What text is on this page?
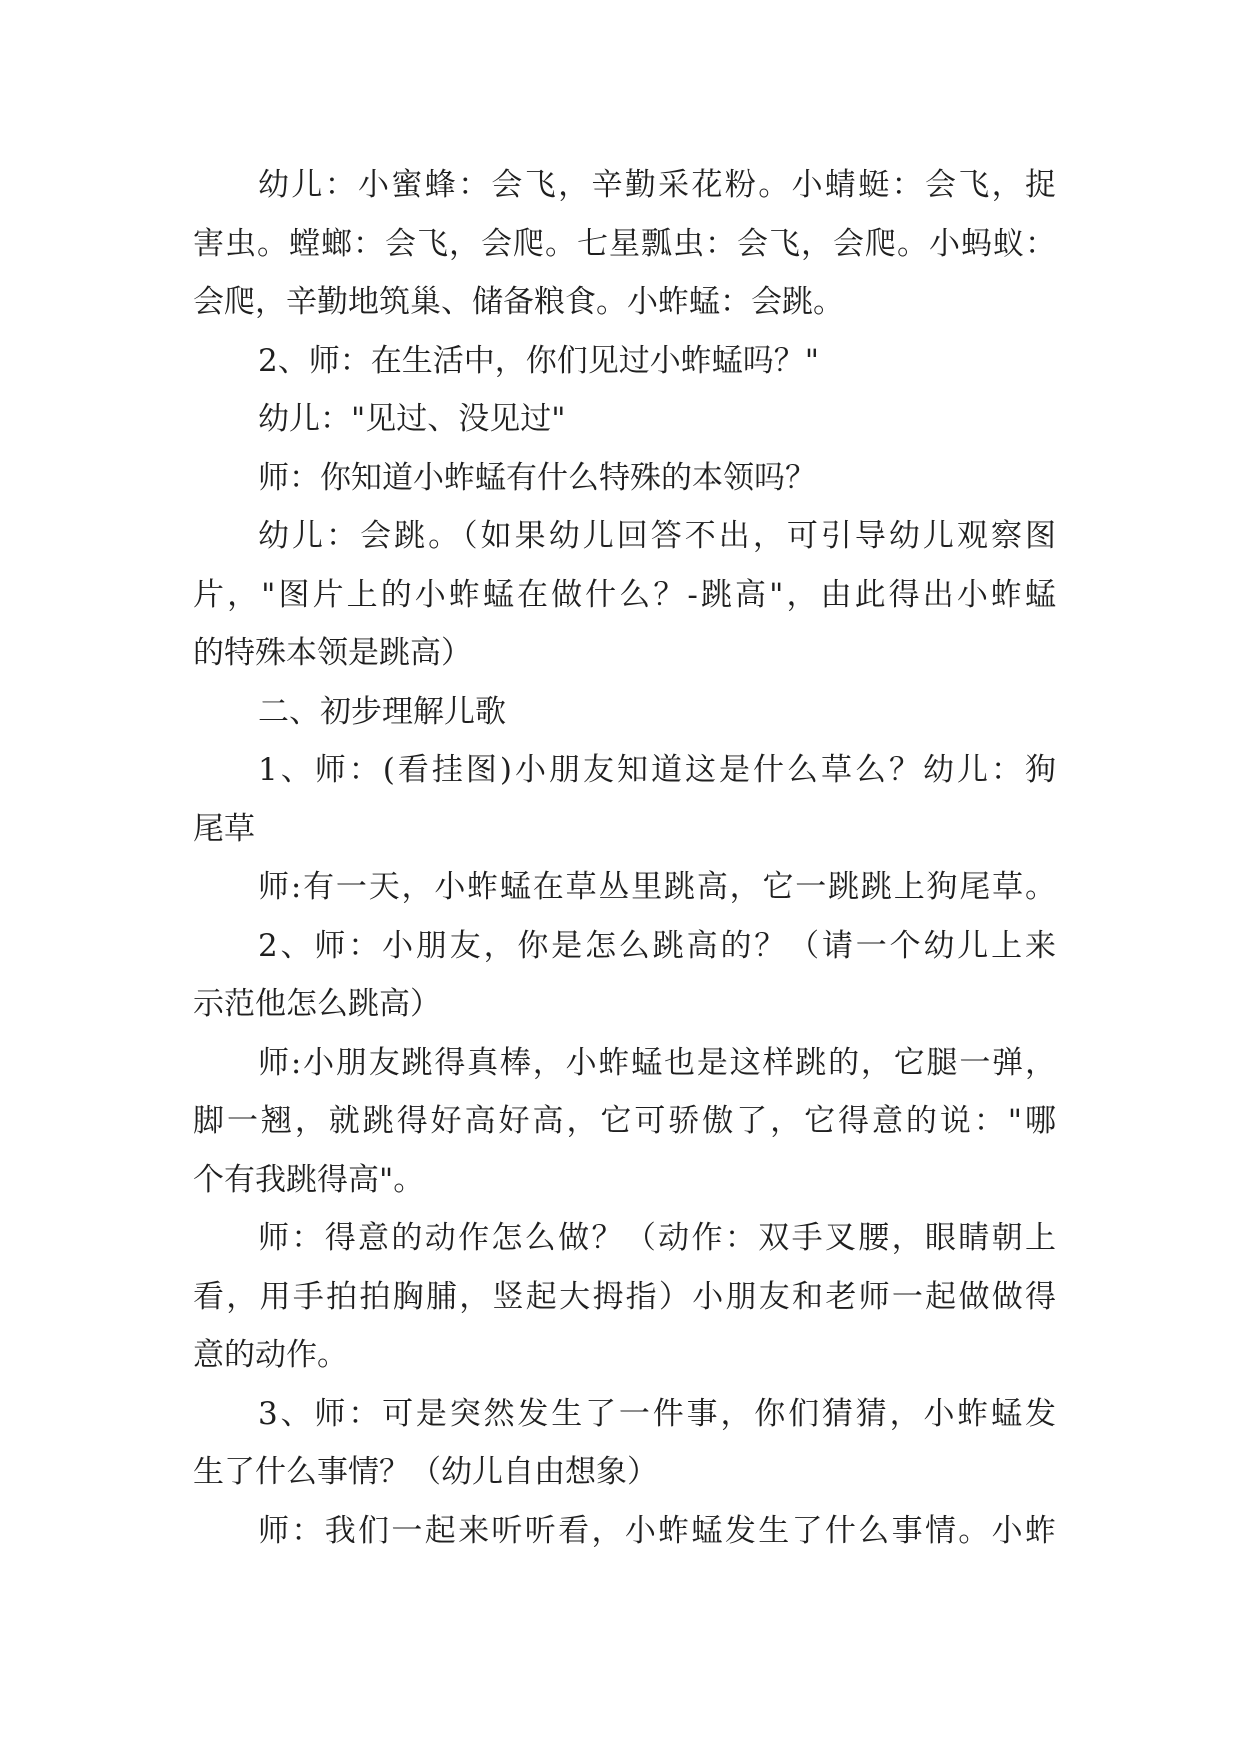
幼儿：小蜜蜂：会飞，辛勤采花粉。小蜻蜓：会飞，捉

害虫。螳螂：会飞，会爬。七星瓢虫：会飞，会爬。小蚂蚁：

会爬，辛勤地筑巢、储备粮食。小蚱蜢：会跳。

2、师：在生活中，你们见过小蚱蜢吗？"

幼儿："见过、没见过"

师：你知道小蚱蜢有什么特殊的本领吗？

幼儿：会跳。（如果幼儿回答不出，可引导幼儿观察图

片，"图片上的小蚱蜢在做什么？-跳高"，由此得出小蚱蜢

的特殊本领是跳高）

二、初步理解儿歌

1、师：(看挂图)小朋友知道这是什么草么？幼儿：狗

尾草

师:有一天，小蚱蜢在草丛里跳高，它一跳跳上狗尾草。

2、师：小朋友，你是怎么跳高的？（请一个幼儿上来

示范他怎么跳高）

师:小朋友跳得真棒，小蚱蜢也是这样跳的，它腿一弹，

脚一翘，就跳得好高好高，它可骄傲了，它得意的说："哪

个有我跳得高"。

师：得意的动作怎么做？（动作：双手叉腰，眼睛朝上

看，用手拍拍胸脯，竖起大拇指）小朋友和老师一起做做得

意的动作。

3、师：可是突然发生了一件事，你们猜猜，小蚱蜢发

生了什么事情？（幼儿自由想象）

师：我们一起来听听看，小蚱蜢发生了什么事情。小蚱
